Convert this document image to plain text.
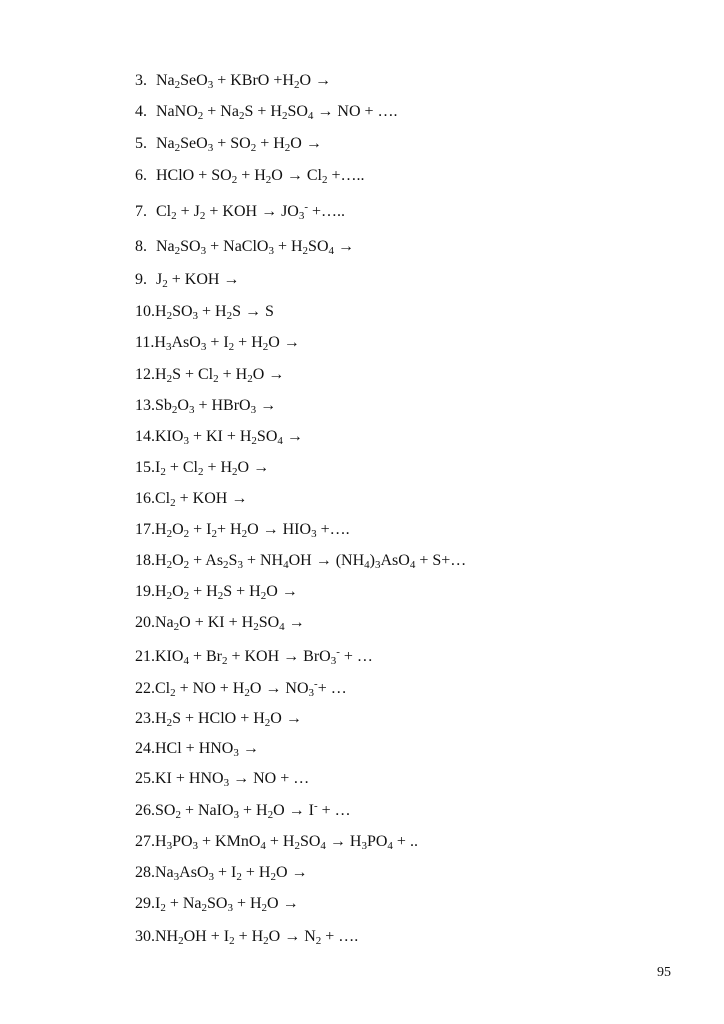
3. $Na_2SeO_3$ + KBrO $+H_2O$ →
4. NaNO$_2$ + $Na_2S + H_2SO_4$ → NO + ….
5. $Na_2SeO_3 + SO_2 + H_2O$ →
6. HClO + $SO_2 + H_2O \to Cl_2$ +…..
7. $Cl_2 + J_2$ + KOH → $JO_3^-$ +…..
8. $Na_2SO_3$ + NaClO$_3$ + $H_2SO_4$ →
9. $J_2$ + KOH →
$10.H_2SO_3 + H_2S \to S$
$11.H_3AsO_3 + I_2 + H_2O$ →
$12.H_2S + Cl_2 + H_2O$ →
$13.Sb_2O_3$ + HBrO$_3$ →
$14.KIO_3$ + KI + $H_2SO_4$ →
$15.I_2 + Cl_2 + H_2O$ →
$16.Cl_2$ + KOH →
$17.H_2O_2 + I_2+ H_2O \to HIO_3$ +….
$18.H_2O_2 + As_2S_3 + NH_4OH \to (NH_4)_3AsO_4$ + S+…
$19.H_2O_2 + H_2S + H_2O$ →
$20.Na_2O$ + KI + $H_2SO_4$ →
$21.KIO_4 + Br_2$ + KOH → BrO$_3$- + …
$22.Cl_2$ + NO + $H_2O \to NO_3^-+$ …
$23.H_2S$ + HClO + $H_2O$ →
$24.HCl + HNO_3$ →
$25.KI + HNO_3$ → NO + …
$26.SO_2$ + NaIO$_3$ + $H_2O \to I^-$ + …
$27.H_3PO_3$ + KMnO$_4$ + $H_2SO_4 \to H_3PO_4$ + ..
$28.Na_3AsO_3 + I_2 + H_2O$ →
$29.I_2 + Na_2SO_3 + H_2O$ →
$30.NH_2OH + I_2 + H_2O \to N_2$ + ….
95
